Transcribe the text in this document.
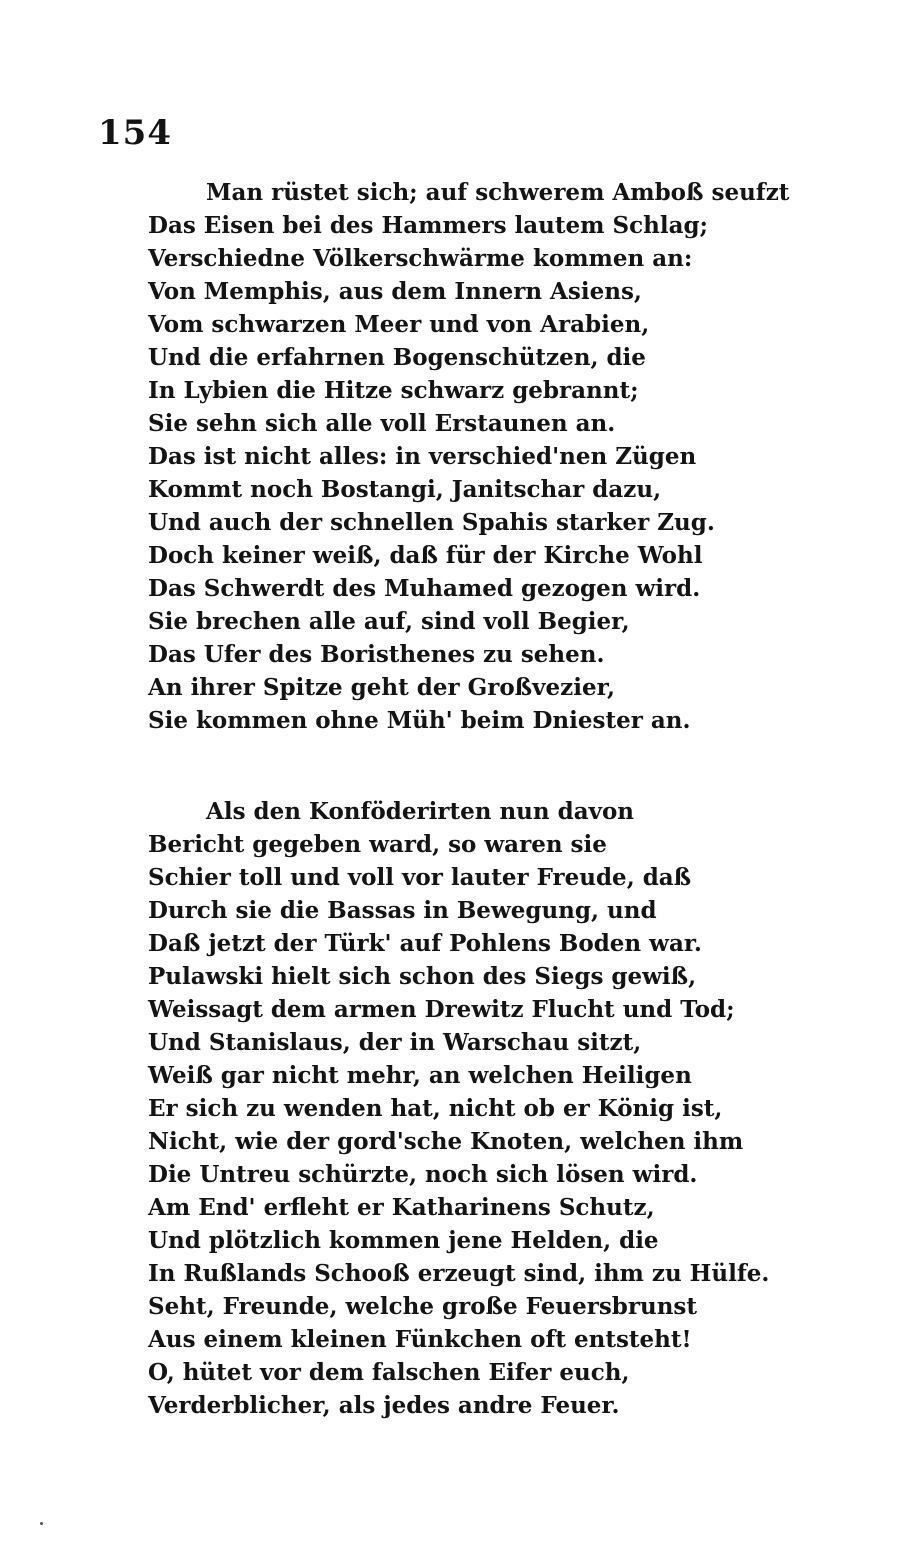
154
Man rüstet sich; auf schwerem Amboß seufzt
Das Eisen bei des Hammers lautem Schlag;
Verschiedne Völkerschwärme kommen an:
Von Memphis, aus dem Innern Asiens,
Vom schwarzen Meer und von Arabien,
Und die erfahrnen Bogenschützen, die
In Lybien die Hitze schwarz gebrannt;
Sie sehn sich alle voll Erstaunen an.
Das ist nicht alles: in verschied'nen Zügen
Kommt noch Bostangi, Janitschar dazu,
Und auch der schnellen Spahis starker Zug.
Doch keiner weiß, daß für der Kirche Wohl
Das Schwerdt des Muhamed gezogen wird.
Sie brechen alle auf, sind voll Begier,
Das Ufer des Boristhenes zu sehen.
An ihrer Spitze geht der Großvezier,
Sie kommen ohne Müh' beim Dniester an.
Als den Konföderirten nun davon
Bericht gegeben ward, so waren sie
Schier toll und voll vor lauter Freude, daß
Durch sie die Bassas in Bewegung, und
Daß jetzt der Türk' auf Pohlens Boden war.
Pulawski hielt sich schon des Siegs gewiß,
Weissagt dem armen Drewitz Flucht und Tod;
Und Stanislaus, der in Warschau sitzt,
Weiß gar nicht mehr, an welchen Heiligen
Er sich zu wenden hat, nicht ob er König ist,
Nicht, wie der gord'sche Knoten, welchen ihm
Die Untreu schürzte, noch sich lösen wird.
Am End' erfleht er Katharinens Schutz,
Und plötzlich kommen jene Helden, die
In Rußlands Schooß erzeugt sind, ihm zu Hülfe.
Seht, Freunde, welche große Feuersbrunst
Aus einem kleinen Fünkchen oft entsteht!
O, hütet vor dem falschen Eifer euch,
Verderblicher, als jedes andre Feuer.
